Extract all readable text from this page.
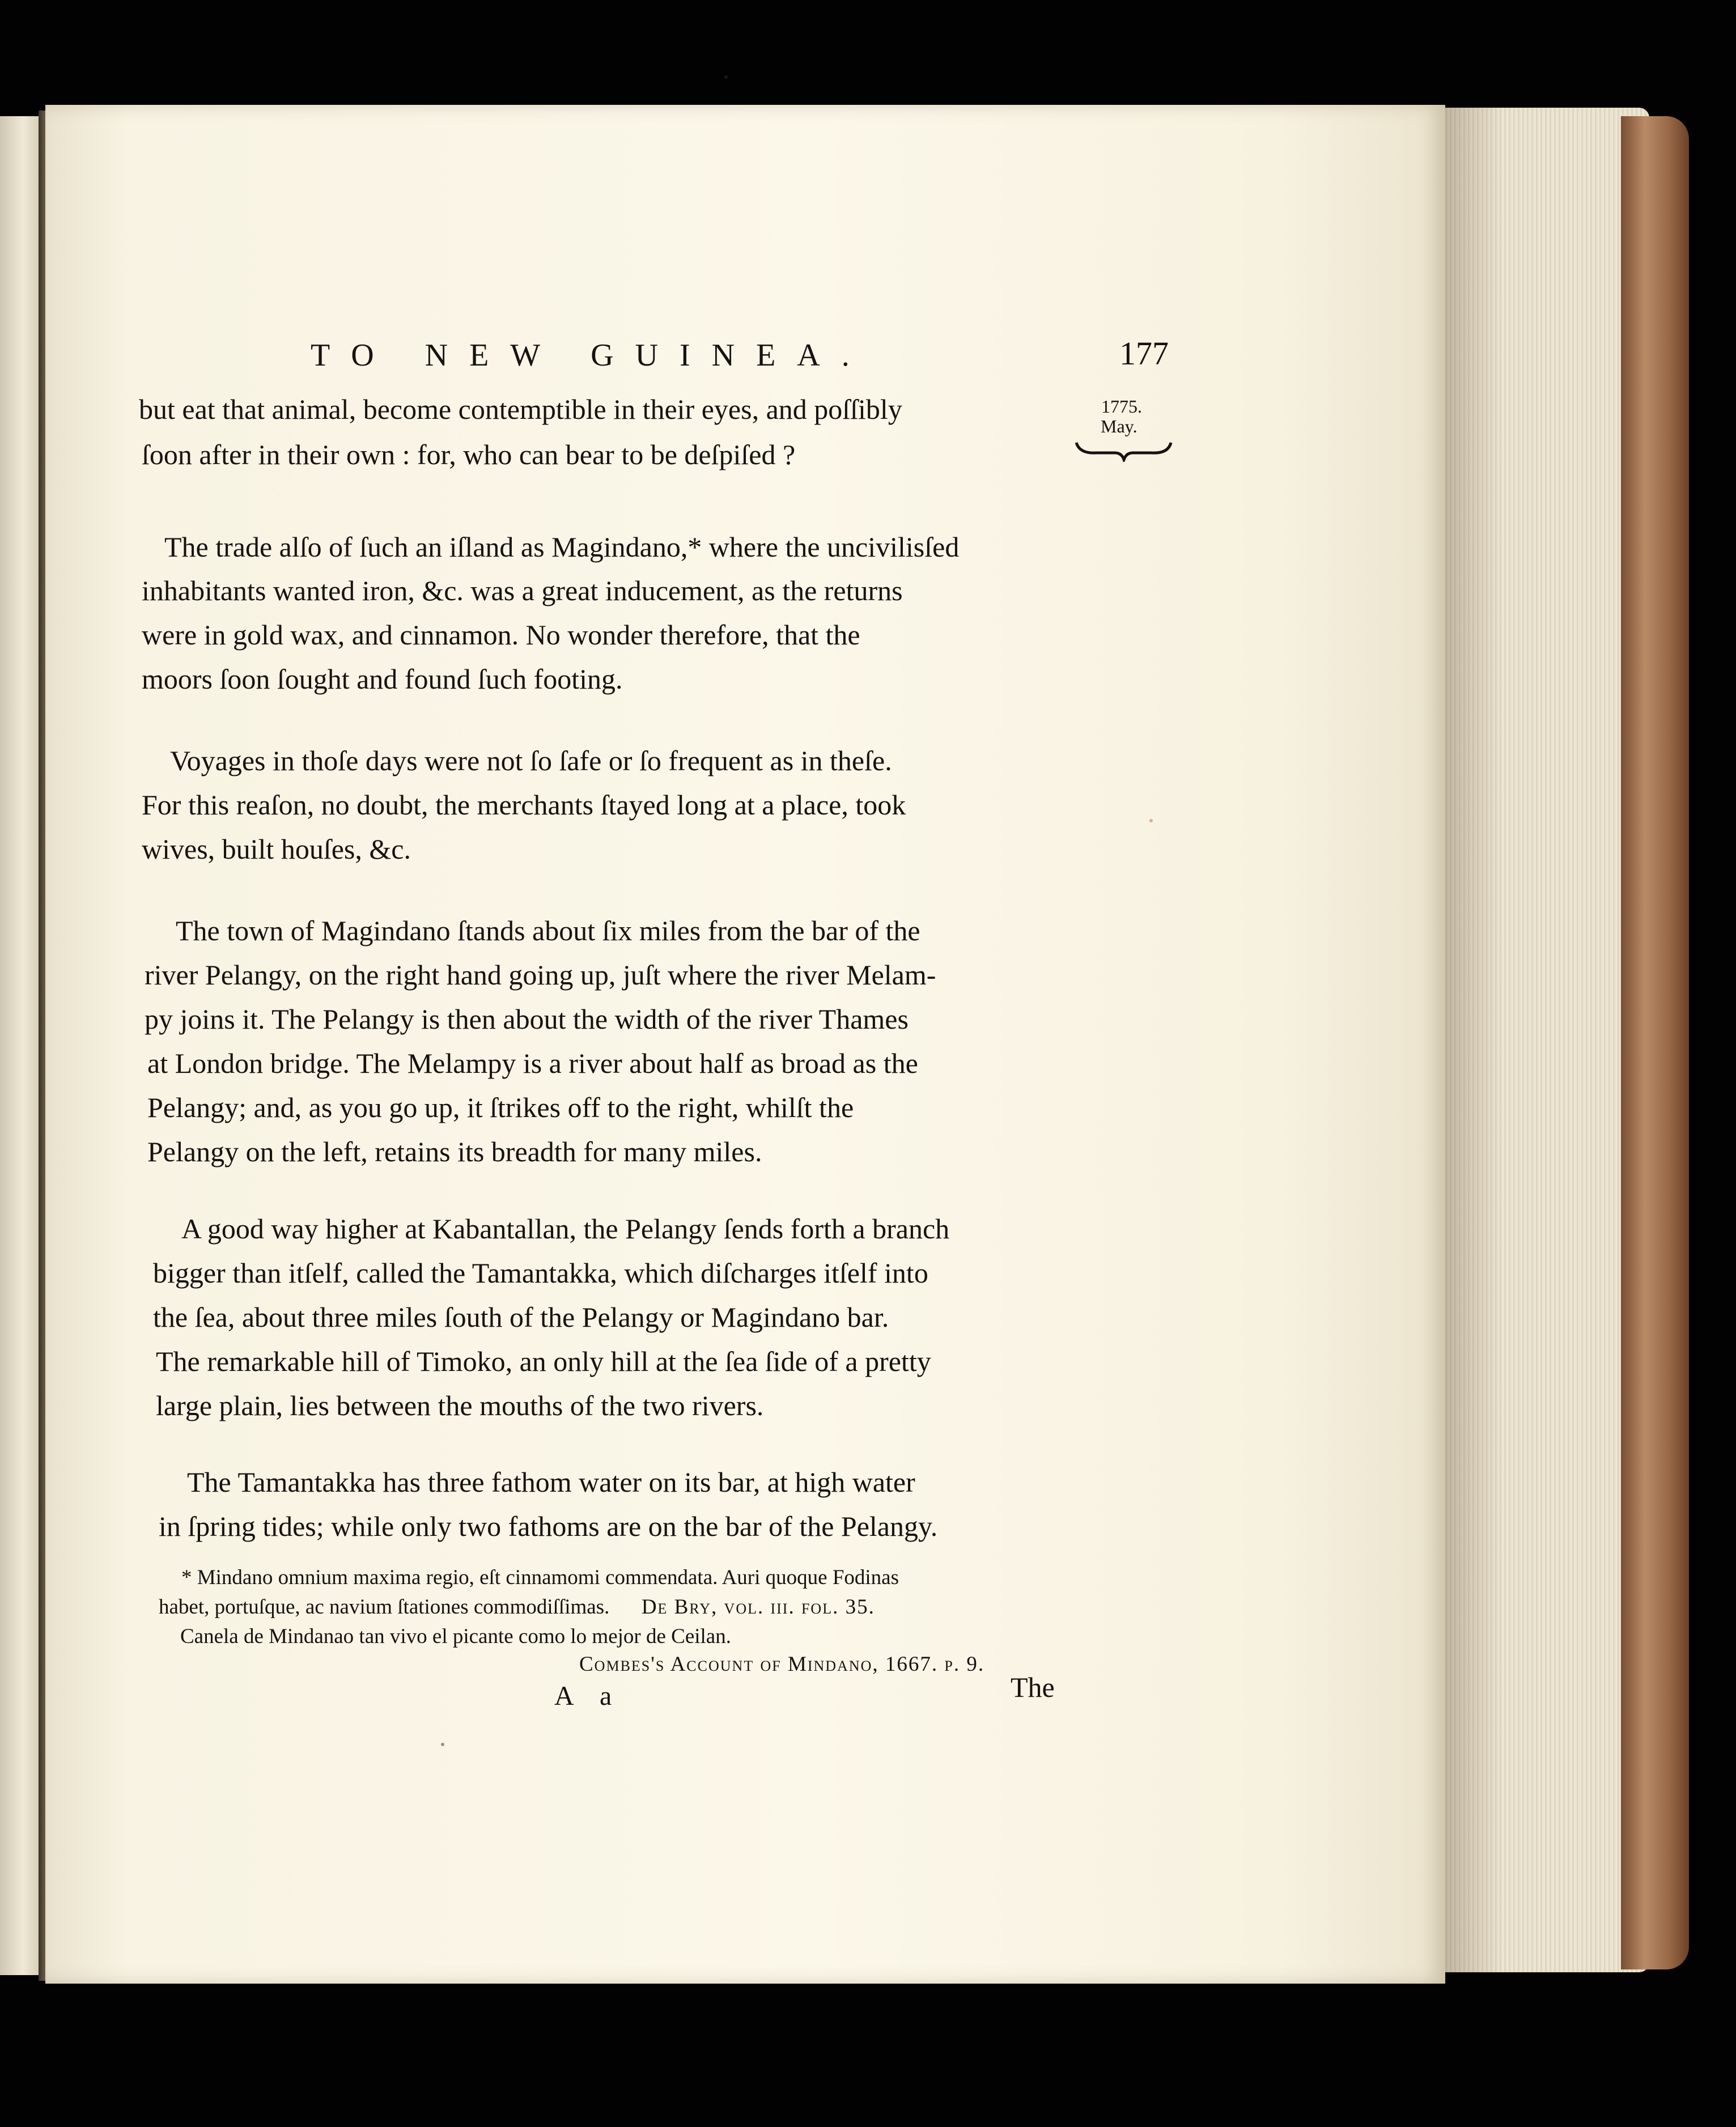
TO NEW GUINEA.	177
1775.
May.
but eat that animal, become contemptible in their eyes, and poſſibly
ſoon after in their own : for, who can bear to be deſpiſed ?
The trade alſo of ſuch an iſland as Magindano,* where the uncivilisſed
inhabitants wanted iron, &c. was a great inducement, as the returns
were in gold wax, and cinnamon. No wonder therefore, that the
moors ſoon ſought and found ſuch footing.
Voyages in thoſe days were not ſo ſafe or ſo frequent as in theſe.
For this reaſon, no doubt, the merchants ſtayed long at a place, took
wives, built houſes, &c.
The town of Magindano ſtands about ſix miles from the bar of the
river Pelangy, on the right hand going up, juſt where the river Melam-
py joins it. The Pelangy is then about the width of the river Thames
at London bridge. The Melampy is a river about half as broad as the
Pelangy; and, as you go up, it ſtrikes off to the right, whilſt the
Pelangy on the left, retains its breadth for many miles.
A good way higher at Kabantallan, the Pelangy ſends forth a branch
bigger than itſelf, called the Tamantakka, which diſcharges itſelf into
the ſea, about three miles ſouth of the Pelangy or Magindano bar.
The remarkable hill of Timoko, an only hill at the ſea ſide of a pretty
large plain, lies between the mouths of the two rivers.
The Tamantakka has three fathom water on its bar, at high water
in ſpring tides; while only two fathoms are on the bar of the Pelangy.
* Mindano omnium maxima regio, eſt cinnamomi commendata. Auri quoque Fodinas
habet, portuſque, ac navium ſtationes commodiſſimas. De Bry, vol. iii. fol. 35.
Canela de Mindanao tan vivo el picante como lo mejor de Ceilan.
Combes's Account of Mindano, 1667. p. 9.
A a	The
